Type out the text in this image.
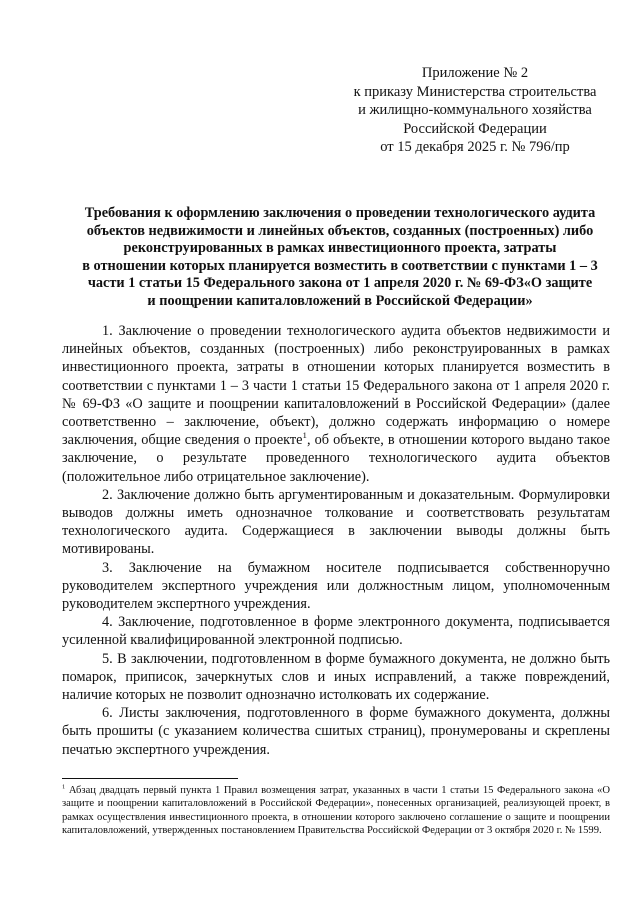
Приложение № 2
к приказу Министерства строительства
и жилищно-коммунального хозяйства
Российской Федерации
от 15 декабря 2025 г. № 796/пр
Требования к оформлению заключения о проведении технологического аудита
объектов недвижимости и линейных объектов, созданных (построенных) либо
реконструированных в рамках инвестиционного проекта, затраты
в отношении которых планируется возместить в соответствии с пунктами 1 – 3
части 1 статьи 15 Федерального закона от 1 апреля 2020 г. № 69-ФЗ«О защите
и поощрении капиталовложений в Российской Федерации»

1. Заключение о проведении технологического аудита объектов недвижимости и линейных объектов, созданных (построенных) либо реконструированных в рамках инвестиционного проекта, затраты в отношении которых планируется возместить в соответствии с пунктами 1 – 3 части 1 статьи 15 Федерального закона от 1 апреля 2020 г. № 69-ФЗ «О защите и поощрении капиталовложений в Российской Федерации» (далее соответственно – заключение, объект), должно содержать информацию о номере заключения, общие сведения о проекте$^1$, об объекте, в отношении которого выдано такое заключение, о результате проведенного технологического аудита объектов (положительное либо отрицательное заключение).

2. Заключение должно быть аргументированным и доказательным. Формулировки выводов должны иметь однозначное толкование и соответствовать результатам технологического аудита. Содержащиеся в заключении выводы должны быть мотивированы.

3. Заключение на бумажном носителе подписывается собственноручно руководителем экспертного учреждения или должностным лицом, уполномоченным руководителем экспертного учреждения.

4. Заключение, подготовленное в форме электронного документа, подписывается усиленной квалифицированной электронной подписью.

5. В заключении, подготовленном в форме бумажного документа, не должно быть помарок, приписок, зачеркнутых слов и иных исправлений, а также повреждений, наличие которых не позволит однозначно истолковать их содержание.

6. Листы заключения, подготовленного в форме бумажного документа, должны быть прошиты (с указанием количества сшитых страниц), пронумерованы и скреплены печатью экспертного учреждения.

$^1$ Абзац двадцать первый пункта 1 Правил возмещения затрат, указанных в части 1 статьи 15 Федерального закона «О защите и поощрении капиталовложений в Российской Федерации», понесенных организацией, реализующей проект, в рамках осуществления инвестиционного проекта, в отношении которого заключено соглашение о защите и поощрении капиталовложений, утвержденных постановлением Правительства Российской Федерации от 3 октября 2020 г. № 1599.
